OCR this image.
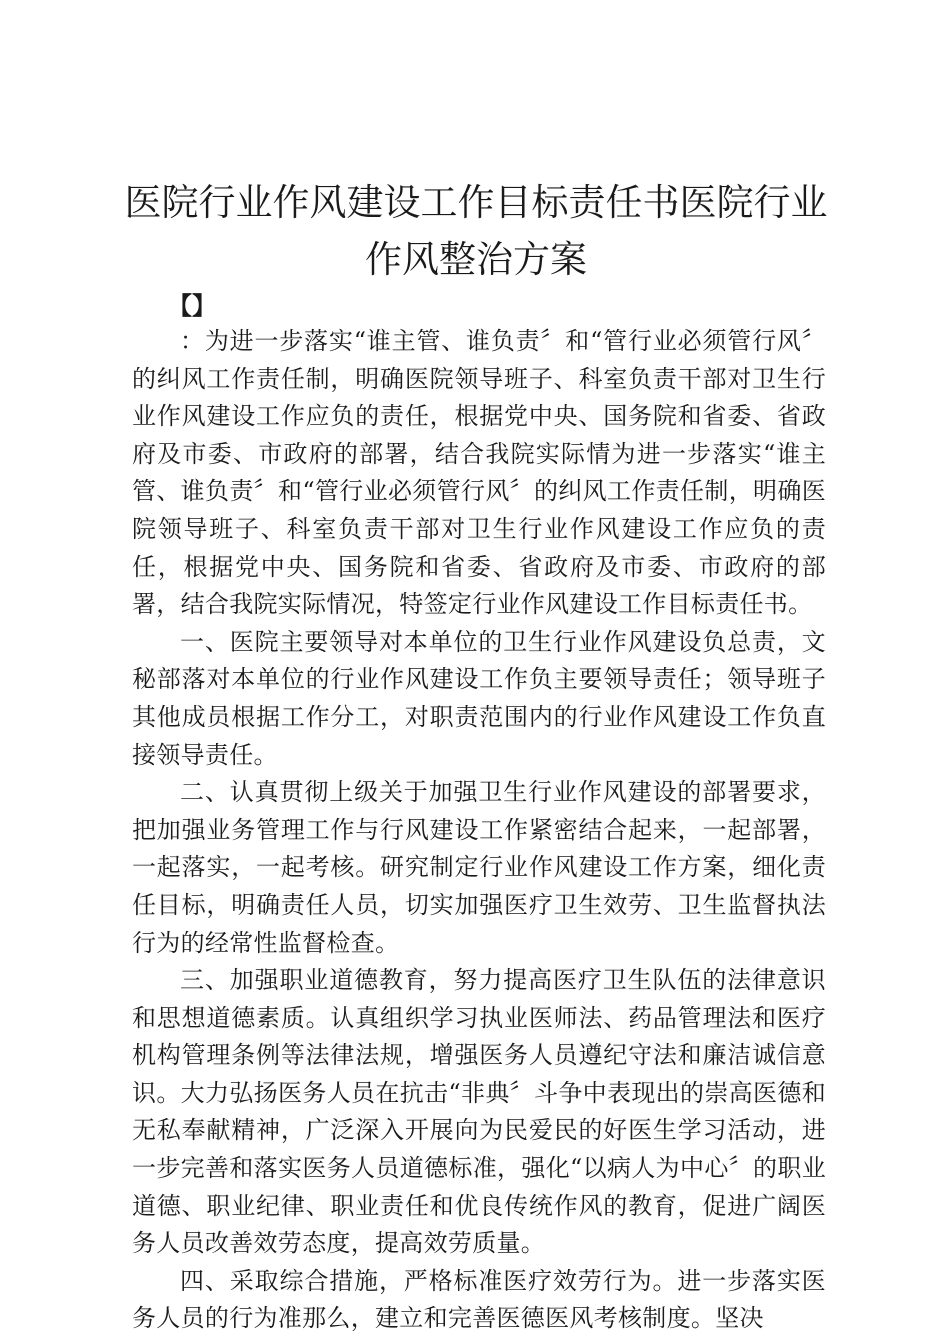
医院行业作风建设工作目标责任书医院行业作风整治方案
【】

：为进一步落实“谁主管、谁负责〞和“管行业必须管行风〞的纠风工作责任制，明确医院领导班子、科室负责干部对卫生行业作风建设工作应负的责任，根据党中央、国务院和省委、省政府及市委、市政府的部署，结合我院实际情为进一步落实“谁主管、谁负责〞和“管行业必须管行风〞的纠风工作责任制，明确医院领导班子、科室负责干部对卫生行业作风建设工作应负的责任，根据党中央、国务院和省委、省政府及市委、市政府的部署，结合我院实际情况，特签定行业作风建设工作目标责任书。

一、医院主要领导对本单位的卫生行业作风建设负总责，文秘部落对本单位的行业作风建设工作负主要领导责任；领导班子其他成员根据工作分工，对职责范围内的行业作风建设工作负直接领导责任。

二、认真贯彻上级关于加强卫生行业作风建设的部署要求，把加强业务管理工作与行风建设工作紧密结合起来，一起部署，一起落实，一起考核。研究制定行业作风建设工作方案，细化责任目标，明确责任人员，切实加强医疗卫生效劳、卫生监督执法行为的经常性监督检查。

三、加强职业道德教育，努力提高医疗卫生队伍的法律意识和思想道德素质。认真组织学习执业医师法、药品管理法和医疗机构管理条例等法律法规，增强医务人员遵纪守法和廉洁诚信意识。大力弘扬医务人员在抗击“非典〞斗争中表现出的崇高医德和无私奉献精神，广泛深入开展向为民爱民的好医生学习活动，进一步完善和落实医务人员道德标准，强化“以病人为中心〞的职业道德、职业纪律、职业责任和优良传统作风的教育，促进广阔医务人员改善效劳态度，提高效劳质量。

四、采取综合措施，严格标准医疗效劳行为。进一步落实医务人员的行为准那么，建立和完善医德医风考核制度。坚决
